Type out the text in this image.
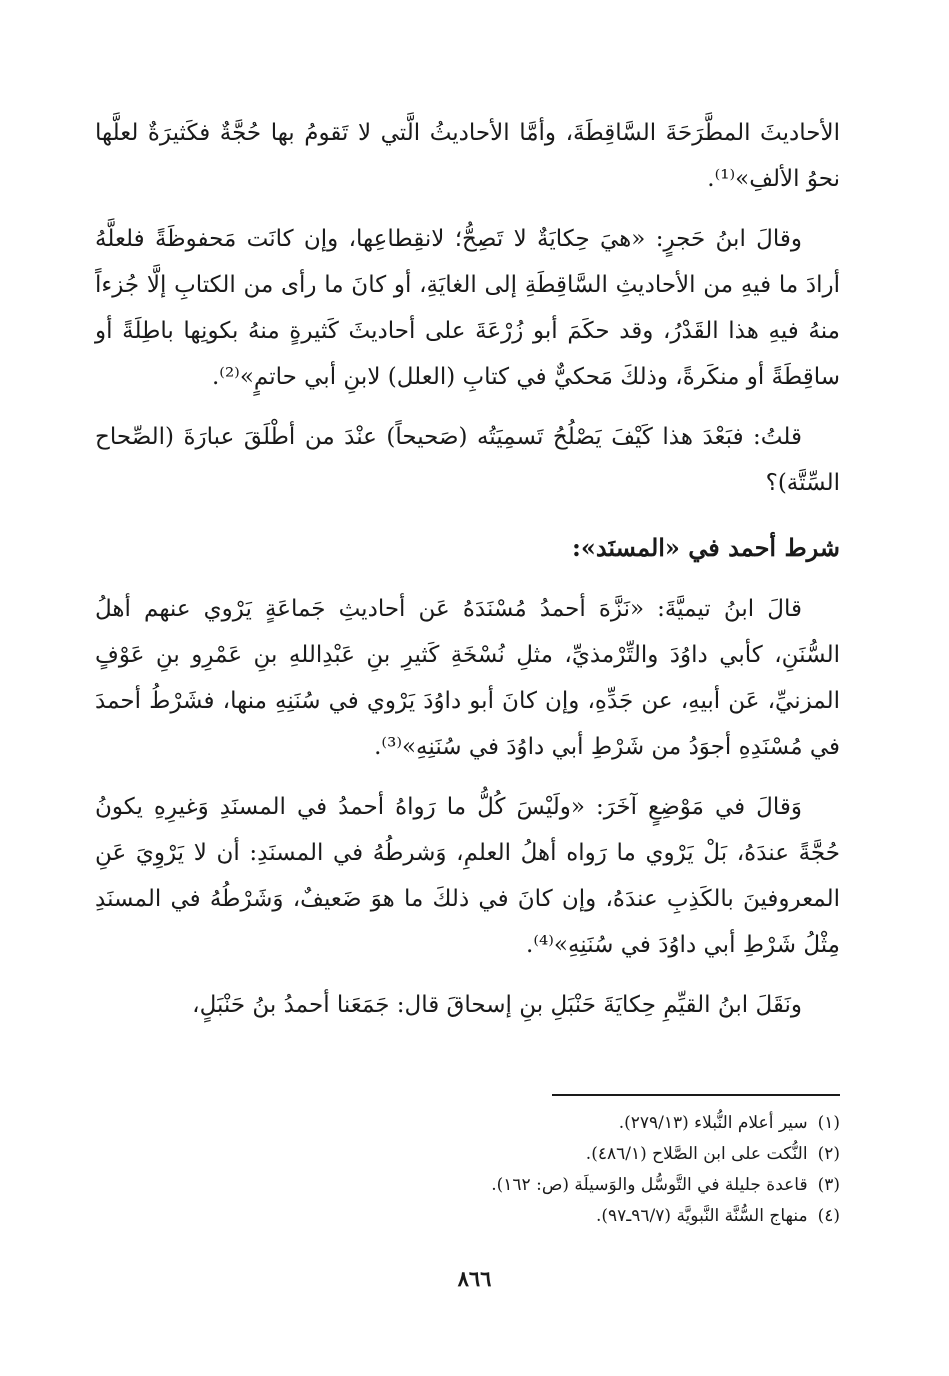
الأحاديثَ المطَّرَحَةَ السَّاقِطَةَ، وأمَّا الأحاديثُ الَّتي لا تَقومُ بها حُجَّةٌ فكَثيرَةٌ لعلَّها نحوُ الألفِ»⁽¹⁾.

وقالَ ابنُ حَجرٍ: «هيَ حِكايَةٌ لا تَصِحُّ؛ لانقِطاعِها، وإن كانَت مَحفوظَةً فلعلَّهُ أرادَ ما فيهِ من الأحاديثِ السَّاقِطَةِ إلى الغايَةِ، أو كانَ ما رأى من الكتابِ إلَّا جُزءاً منهُ فيهِ هذا القَدْرُ، وقد حكَمَ أبو زُرْعَةَ على أحاديثَ كَثيرةٍ منهُ بكونِها باطِلَةً أو ساقِطَةً أو منكَرةً، وذلكَ مَحكيٌّ في كتابِ (العلل) لابنِ أبي حاتمٍ»⁽²⁾.

قلتُ: فبَعْدَ هذا كَيْفَ يَصْلُحُ تَسمِيَتُه (صَحيحاً) عنْدَ من أطْلَقَ عبارَةَ (الصِّحاح السِّتَّة)؟

شرط أحمد في «المسنَد»:

قالَ ابنُ تيميَّةَ: «نَزَّهَ أحمدُ مُسْنَدَهُ عَن أحاديثِ جَماعَةٍ يَرْوي عنهم أهلُ السُّنَنِ، كأبي داوُدَ والتِّرْمذيِّ، مثلِ نُسْخَةِ كَثيرِ بنِ عَبْدِاللهِ بنِ عَمْرِو بنِ عَوْفٍ المزنيِّ، عَن أبيهِ، عن جَدِّهِ، وإن كانَ أبو داوُدَ يَرْوي في سُنَنِهِ منها، فشَرْطُ أحمدَ في مُسْنَدِهِ أجوَدُ من شَرْطِ أبي داوُدَ في سُنَنِهِ»⁽³⁾.

وَقالَ في مَوْضِعٍ آخَرَ: «ولَيْسَ كُلُّ ما رَواهُ أحمدُ في المسنَدِ وَغيرِهِ يكونُ حُجَّةً عندَهُ، بَلْ يَرْوي ما رَواه أهلُ العلمِ، وَشرطُهُ في المسنَدِ: أن لا يَرْوِيَ عَنِ المعروفينَ بالكَذِبِ عندَهُ، وإن كانَ في ذلكَ ما هوَ ضَعيفٌ، وَشَرْطُهُ في المسنَدِ مِثْلُ شَرْطِ أبي داوُدَ في سُنَنِهِ»⁽⁴⁾.

ونَقَلَ ابنُ القيِّمِ حِكايَةَ حَنْبَلِ بنِ إسحاقَ قال: جَمَعَنا أحمدُ بنُ حَنْبَلٍ،

(١)سير أعلام النُّبلاء (٢٧٩/١٣).
(٢)النُّكت على ابن الصَّلاح (٤٨٦/١).
(٣)قاعدة جليلة في التَّوسُّل والوَسيلَة (ص: ١٦٢).
(٤)منهاج السُّنَّة النَّبويَّة (٩٦/٧ـ٩٧).
٨٦٦
